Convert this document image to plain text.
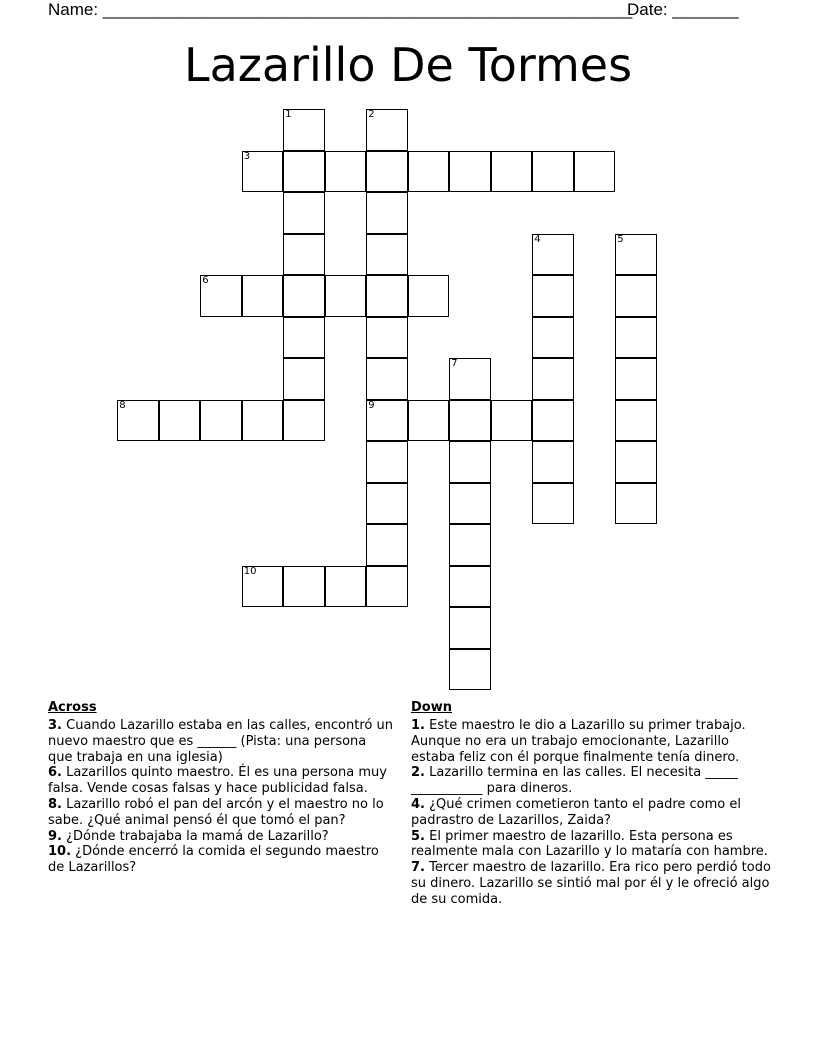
Name: ________________________________________________________
Date: _______
Lazarillo De Tormes
1	2
9
3
4	5
6
7
8
10
Across

3. Cuando Lazarillo estaba en las calles, encontró un nuevo maestro que es ______ (Pista: una persona que trabaja en una iglesia)

6. Lazarillos quinto maestro. Él es una persona muy falsa. Vende cosas falsas y hace publicidad falsa.

8. Lazarillo robó el pan del arcón y el maestro no lo sabe. ¿Qué animal pensó él que tomó el pan?

9. ¿Dónde trabajaba la mamá de Lazarillo?

10. ¿Dónde encerró la comida el segundo maestro de Lazarillos?

Down

1. Este maestro le dio a Lazarillo su primer trabajo. Aunque no era un trabajo emocionante, Lazarillo estaba feliz con él porque finalmente tenía dinero.

2. Lazarillo termina en las calles. El necesita _____ ___________ para dineros.

4. ¿Qué crimen cometieron tanto el padre como el padrastro de Lazarillos, Zaida?

5. El primer maestro de lazarillo. Esta persona es realmente mala con Lazarillo y lo mataría con hambre.

7. Tercer maestro de lazarillo. Era rico pero perdió todo su dinero. Lazarillo se sintió mal por él y le ofreció algo de su comida.
